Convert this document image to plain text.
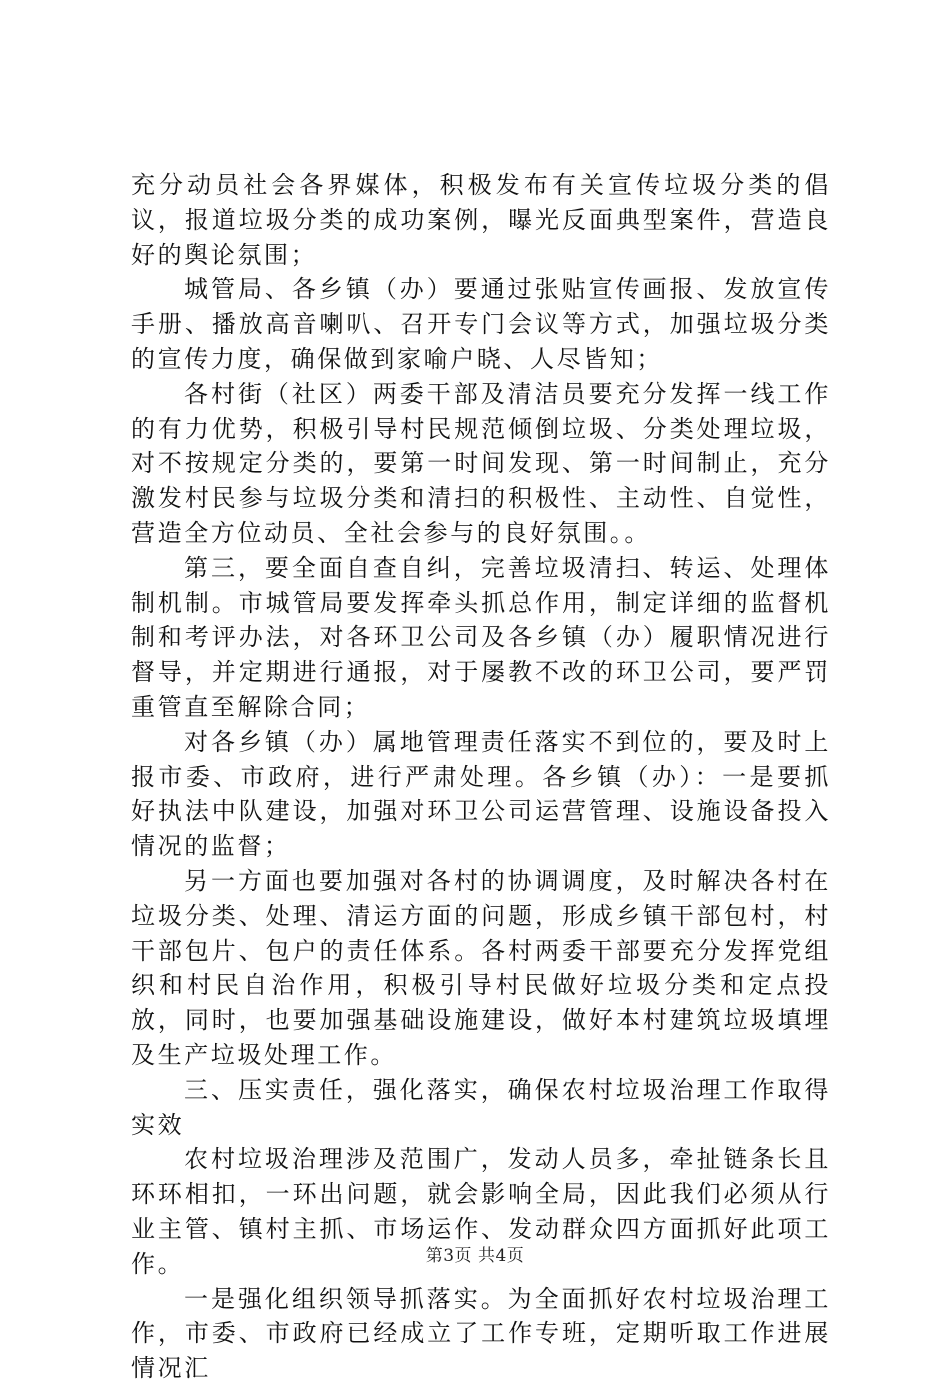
充分动员社会各界媒体，积极发布有关宣传垃圾分类的倡议，报道垃圾分类的成功案例，曝光反面典型案件，营造良好的舆论氛围；

城管局、各乡镇（办）要通过张贴宣传画报、发放宣传手册、播放高音喇叭、召开专门会议等方式，加强垃圾分类的宣传力度，确保做到家喻户晓、人尽皆知；

各村街（社区）两委干部及清洁员要充分发挥一线工作的有力优势，积极引导村民规范倾倒垃圾、分类处理垃圾，对不按规定分类的，要第一时间发现、第一时间制止，充分激发村民参与垃圾分类和清扫的积极性、主动性、自觉性，营造全方位动员、全社会参与的良好氛围。。

第三，要全面自查自纠，完善垃圾清扫、转运、处理体制机制。市城管局要发挥牵头抓总作用，制定详细的监督机制和考评办法，对各环卫公司及各乡镇（办）履职情况进行督导，并定期进行通报，对于屡教不改的环卫公司，要严罚重管直至解除合同；

对各乡镇（办）属地管理责任落实不到位的，要及时上报市委、市政府，进行严肃处理。各乡镇（办）：一是要抓好执法中队建设，加强对环卫公司运营管理、设施设备投入情况的监督；

另一方面也要加强对各村的协调调度，及时解决各村在垃圾分类、处理、清运方面的问题，形成乡镇干部包村，村干部包片、包户的责任体系。各村两委干部要充分发挥党组织和村民自治作用，积极引导村民做好垃圾分类和定点投放，同时，也要加强基础设施建设，做好本村建筑垃圾填埋及生产垃圾处理工作。

三、压实责任，强化落实，确保农村垃圾治理工作取得实效

农村垃圾治理涉及范围广，发动人员多，牵扯链条长且环环相扣，一环出问题，就会影响全局，因此我们必须从行业主管、镇村主抓、市场运作、发动群众四方面抓好此项工作。

一是强化组织领导抓落实。为全面抓好农村垃圾治理工作，市委、市政府已经成立了工作专班，定期听取工作进展情况汇

第3页 共4页
